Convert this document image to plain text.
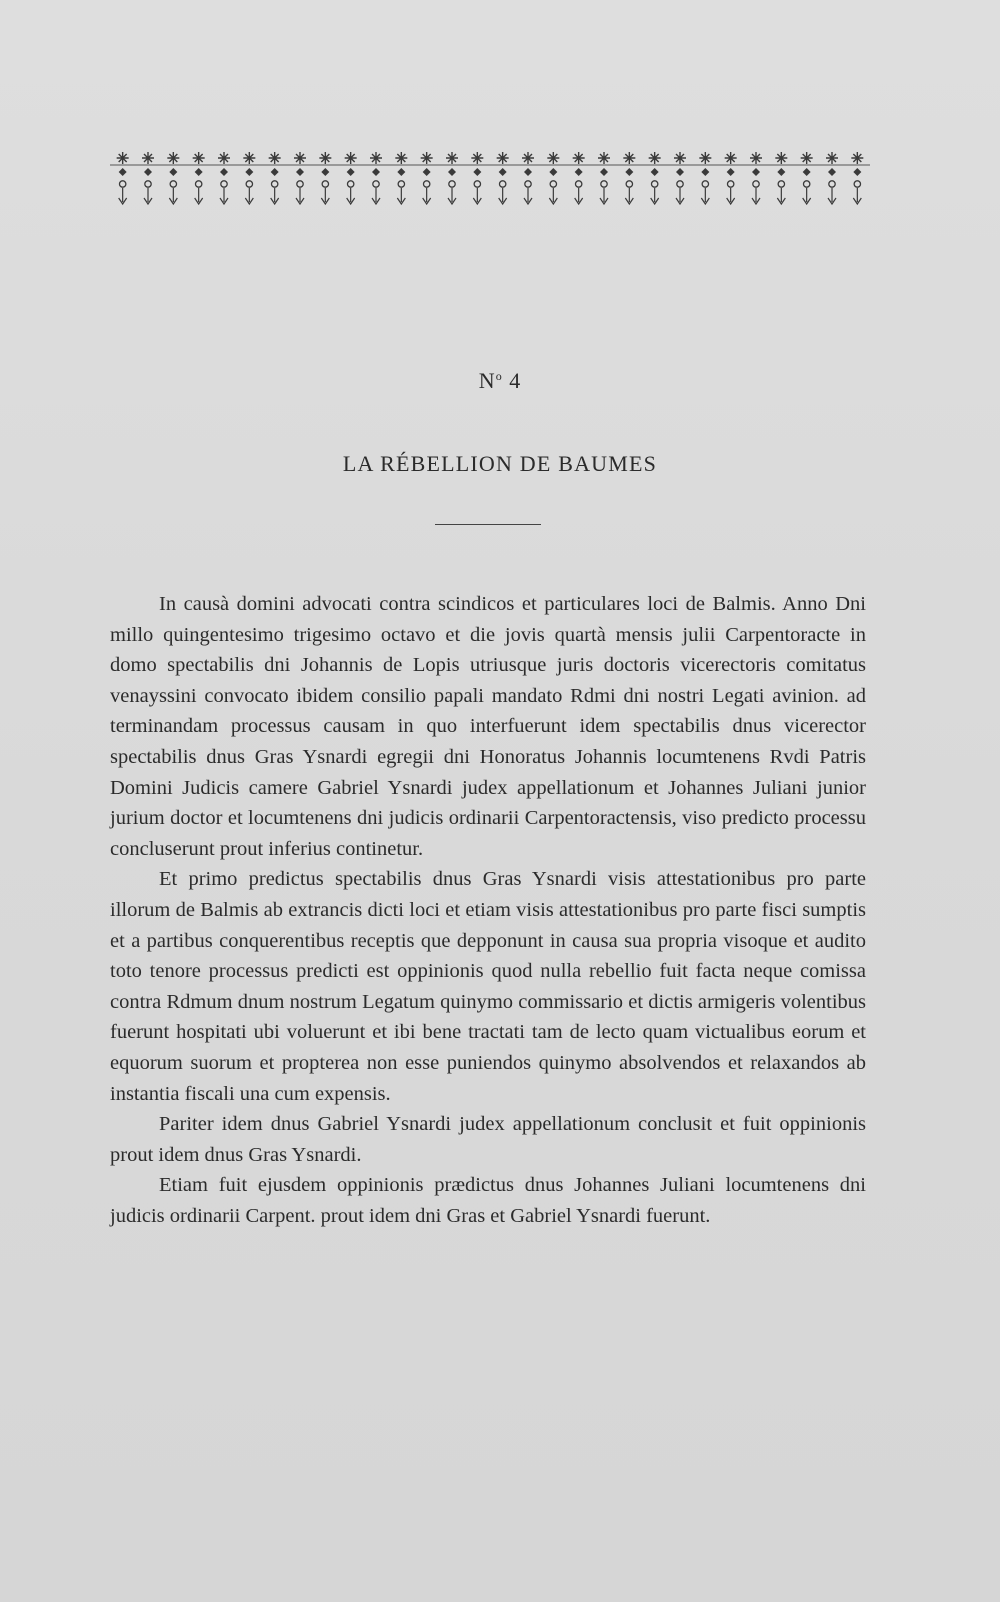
$N^o$ 4
LA RÉBELLION DE BAUMES

In causà domini advocati contra scindicos et particulares loci de Balmis. Anno Dni millo quingentesimo trigesimo octavo et die jovis quartà mensis julii Carpentoracte in domo spectabilis dni Johannis de Lopis utriusque juris doctoris vicerectoris comitatus venayssini convocato ibidem consilio papali mandato Rdmi dni nostri Legati avinion. ad terminandam processus causam in quo interfuerunt idem spectabilis dnus vicerector spectabilis dnus Gras Ysnardi egregii dni Honoratus Johannis locumtenens Rvdi Patris Domini Judicis camere Gabriel Ysnardi judex appellationum et Johannes Juliani junior jurium doctor et locumtenens dni judicis ordinarii Carpentoractensis, viso predicto processu concluserunt prout inferius continetur.

Et primo predictus spectabilis dnus Gras Ysnardi visis attestationibus pro parte illorum de Balmis ab extrancis dicti loci et etiam visis attestationibus pro parte fisci sumptis et a partibus conquerentibus receptis que depponunt in causa sua propria visoque et audito toto tenore processus predicti est oppinionis quod nulla rebellio fuit facta neque comissa contra Rdmum dnum nostrum Legatum quinymo commissario et dictis armigeris volentibus fuerunt hospitati ubi voluerunt et ibi bene tractati tam de lecto quam victualibus eorum et equorum suorum et propterea non esse puniendos quinymo absolvendos et relaxandos ab instantia fiscali una cum expensis.

Pariter idem dnus Gabriel Ysnardi judex appellationum conclusit et fuit oppinionis prout idem dnus Gras Ysnardi.

Etiam fuit ejusdem oppinionis prædictus dnus Johannes Juliani locumtenens dni judicis ordinarii Carpent. prout idem dni Gras et Gabriel Ysnardi fuerunt.
